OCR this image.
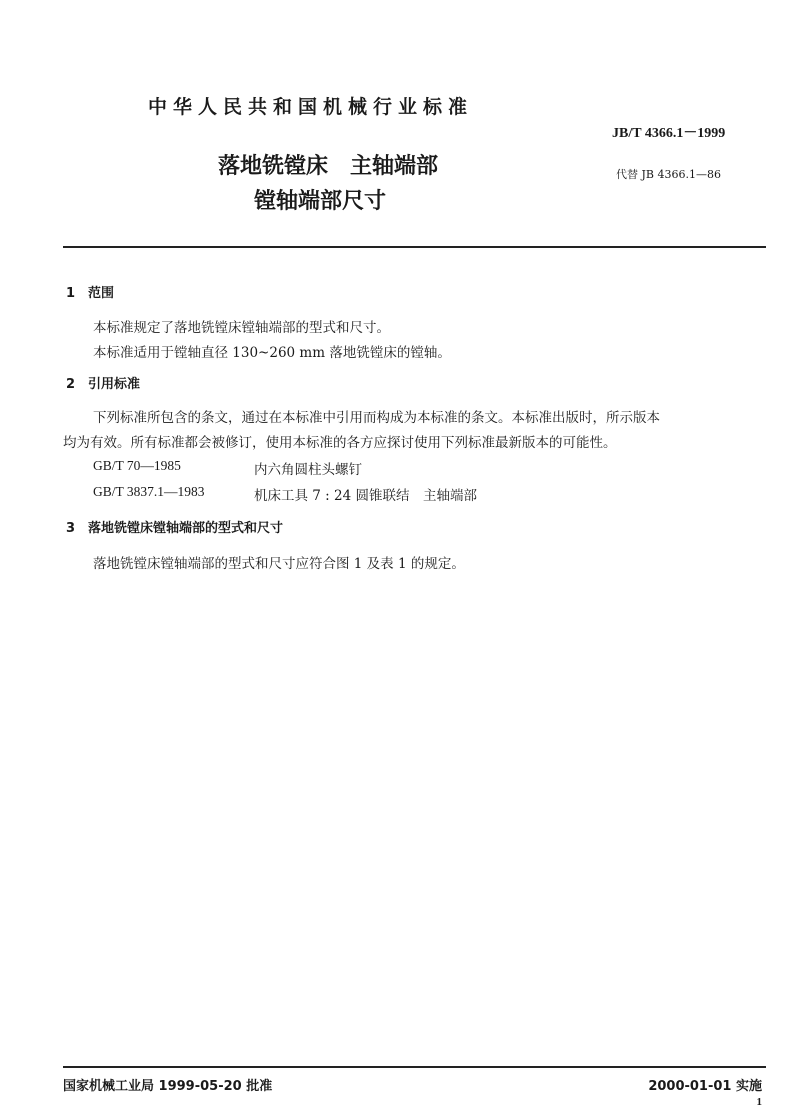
中华人民共和国机械行业标准
JB/T 4366.1－1999
落地铣镗床 主轴端部	代替 JB 4366.1—86
镗轴端部尺寸
1 范围
本标准规定了落地铣镗床镗轴端部的型式和尺寸。
本标准适用于镗轴直径 130~260 mm 落地铣镗床的镗轴。
2 引用标准
下列标准所包含的条文，通过在本标准中引用而构成为本标准的条文。本标准出版时，所示版本
均为有效。所有标准都会被修订，使用本标准的各方应探讨使用下列标准最新版本的可能性。
GB/T 70—1985	内六角圆柱头螺钉
GB/T 3837.1—1983	机床工具 7 : 24 圆锥联结　主轴端部
3 落地铣镗床镗轴端部的型式和尺寸
落地铣镗床镗轴端部的型式和尺寸应符合图 1 及表 1 的规定。
国家机械工业局 1999-05-20 批准	2000-01-01 实施
1
